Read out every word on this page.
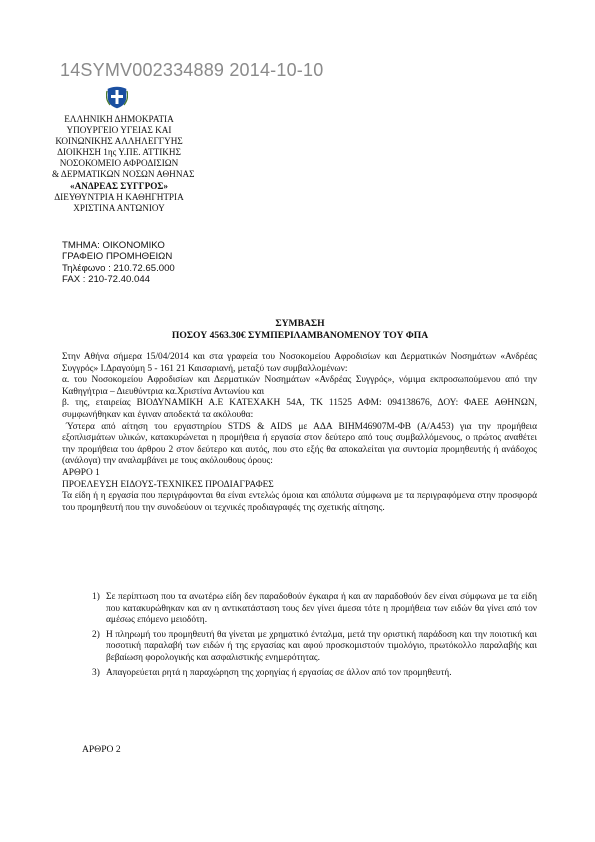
14SYMV002334889 2014-10-10
ΕΛΛΗΝΙΚΗ ΔΗΜΟΚΡΑΤΙΑ
ΥΠΟΥΡΓΕΙΟ ΥΓΕΙΑΣ ΚΑΙ
ΚΟΙΝΩΝΙΚΗΣ ΑΛΛΗΛΕΓΓΥΗΣ
ΔΙΟΙΚΗΣΗ 1ης Υ.ΠΕ. ΑΤΤΙΚΗΣ
ΝΟΣΟΚΟΜΕΙΟ ΑΦΡΟΔΙΣΙΩΝ
& ΔΕΡΜΑΤΙΚΩΝ ΝΟΣΩΝ ΑΘΗΝΑΣ
«ΑΝΔΡΕΑΣ ΣΥΓΓΡΟΣ»
ΔΙΕΥΘΥΝΤΡΙΑ Η ΚΑΘΗΓΗΤΡΙΑ
ΧΡΙΣΤΙΝΑ ΑΝΤΩΝΙΟΥ
ΤΜΗΜΑ: ΟΙΚΟΝΟΜΙΚΟ
ΓΡΑΦΕΙΟ ΠΡΟΜΗΘΕΙΩΝ
Τηλέφωνο : 210.72.65.000
FAX : 210-72.40.044
ΣΥΜΒΑΣΗ
ΠΟΣΟΥ 4563.30€ ΣΥΜΠΕΡΙΛΑΜΒΑΝΟΜΕΝΟΥ ΤΟΥ ΦΠΑ

Στην Αθήνα σήμερα 15/04/2014 και στα γραφεία του Νοσοκομείου Αφροδισίων και Δερματικών Νοσημάτων «Ανδρέας Συγγρός» Ι.Δραγούμη 5 - 161 21 Καισαριανή, μεταξύ των συμβαλλομένων:

α. του Νοσοκομείου Αφροδισίων και Δερματικών Νοσημάτων «Ανδρέας Συγγρός», νόμιμα εκπροσωπούμενου από την Καθηγήτρια – Διευθύντρια κα.Χριστίνα Αντωνίου και

β. της, εταιρείας ΒΙΟΔΥΝΑΜΙΚΗ Α.Ε ΚΑΤΕΧΑΚΗ 54Α, ΤΚ 11525 ΑΦΜ: 094138676, ΔΟΥ: ΦΑΕΕ ΑΘΗΝΩΝ, συμφωνήθηκαν και έγιναν αποδεκτά τα ακόλουθα:

Ύστερα από αίτηση του εργαστηρίου STDS & AIDS με ΑΔΑ ΒΙΗΜ46907Μ-ΦΒ (Α/Α453) για την προμήθεια εξοπλισμάτων υλικών, κατακυρώνεται η προμήθεια ή εργασία στον δεύτερο από τους συμβαλλόμενους, ο πρώτος αναθέτει την προμήθεια του άρθρου 2 στον δεύτερο και αυτός, που στο εξής θα αποκαλείται για συντομία προμηθευτής ή ανάδοχος (ανάλογα) την αναλαμβάνει με τους ακόλουθους όρους:

ΑΡΘΡΟ 1
ΠΡΟΕΛΕΥΣΗ ΕΙΔΟΥΣ-ΤΕΧΝΙΚΕΣ ΠΡΟΔΙΑΓΡΑΦΕΣ

Τα είδη ή η εργασία που περιγράφονται θα είναι εντελώς όμοια και απόλυτα σύμφωνα με τα περιγραφόμενα στην προσφορά του προμηθευτή που την συνοδεύουν οι τεχνικές προδιαγραφές της σχετικής αίτησης.

1) Σε περίπτωση που τα ανωτέρω είδη δεν παραδοθούν έγκαιρα ή και αν παραδοθούν δεν είναι σύμφωνα με τα είδη που κατακυρώθηκαν και αν η αντικατάσταση τους δεν γίνει άμεσα τότε η προμήθεια των ειδών θα γίνει από τον αμέσως επόμενο μειοδότη.
2) Η πληρωμή του προμηθευτή θα γίνεται με χρηματικό ένταλμα, μετά την οριστική παράδοση και την ποιοτική και ποσοτική παραλαβή των ειδών ή της εργασίας και αφού προσκομιστούν τιμολόγιο, πρωτόκολλο παραλαβής και βεβαίωση φορολογικής και ασφαλιστικής ενημερότητας.
3) Απαγορεύεται ρητά η παραχώρηση της χορηγίας ή εργασίας σε άλλον από τον προμηθευτή.
ΑΡΘΡΟ 2
